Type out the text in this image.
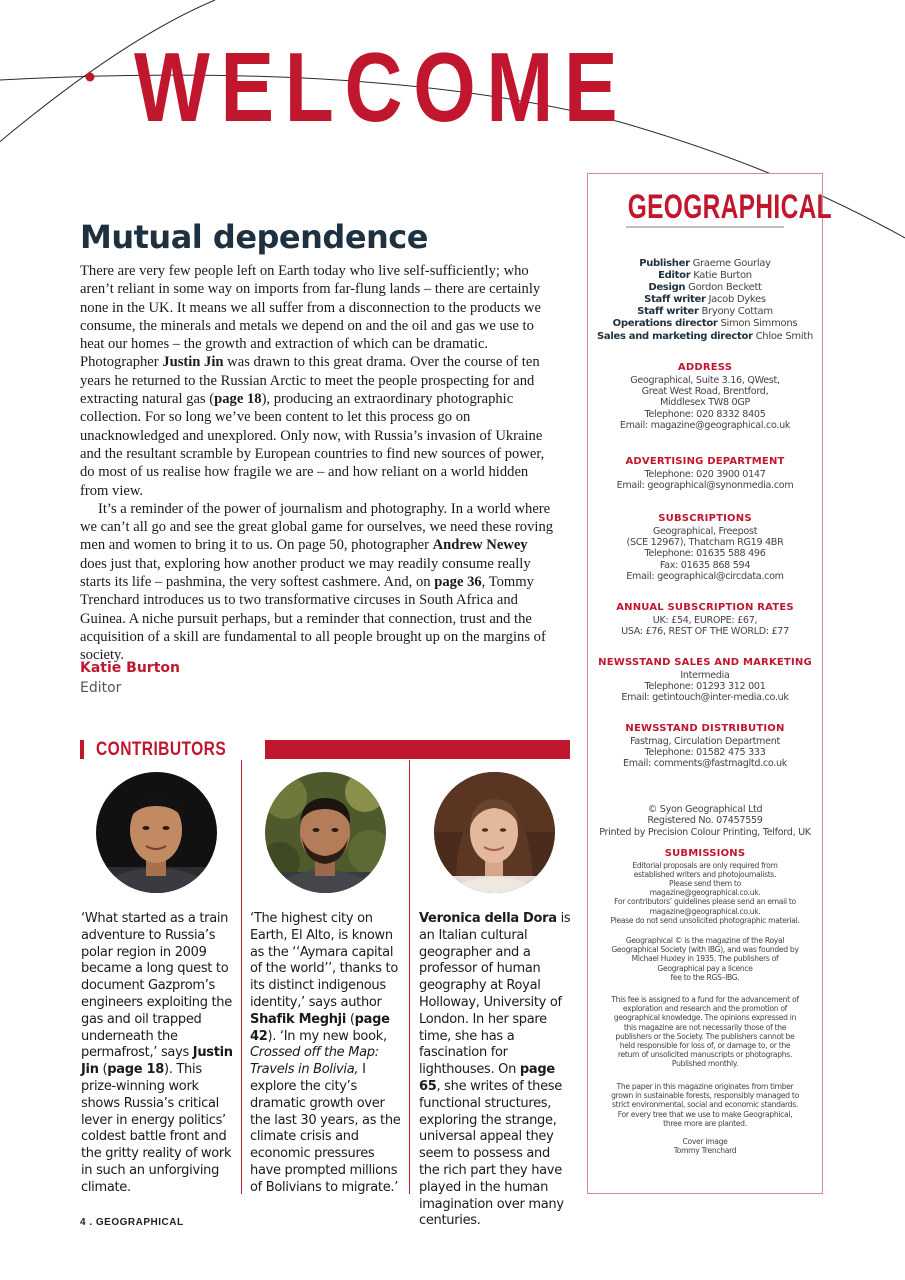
WELCOME
Mutual dependence

There are very few people left on Earth today who live self-sufficiently; who aren’t reliant in some way on imports from far-flung lands – there are certainly none in the UK. It means we all suffer from a disconnection to the products we consume, the minerals and metals we depend on and the oil and gas we use to heat our homes – the growth and extraction of which can be dramatic. Photographer Justin Jin was drawn to this great drama. Over the course of ten years he returned to the Russian Arctic to meet the people prospecting for and extracting natural gas (page 18), producing an extraordinary photographic collection. For so long we’ve been content to let this process go on unacknowledged and unexplored. Only now, with Russia’s invasion of Ukraine and the resultant scramble by European countries to find new sources of power, do most of us realise how fragile we are – and how reliant on a world hidden from view.

It’s a reminder of the power of journalism and photography. In a world where we can’t all go and see the great global game for ourselves, we need these roving men and women to bring it to us. On page 50, photographer Andrew Newey does just that, exploring how another product we may readily consume really starts its life – pashmina, the very softest cashmere. And, on page 36, Tommy Trenchard introduces us to two transformative circuses in South Africa and Guinea. A niche pursuit perhaps, but a reminder that connection, trust and the acquisition of a skill are fundamental to all people brought up on the margins of society.

Katie Burton
Editor
CONTRIBUTORS
‘What started as a train adventure to Russia’s polar region in 2009 became a long quest to document Gazprom’s engineers exploiting the gas and oil trapped underneath the permafrost,’ says Justin Jin (page 18). This prize-winning work shows Russia’s critical lever in energy politics’ coldest battle front and the gritty reality of work in such an unforgiving climate.
‘The highest city on Earth, El Alto, is known as the ‘‘Aymara capital of the world’’, thanks to its distinct indigenous identity,’ says author Shafik Meghji (page 42). ‘In my new book, Crossed off the Map: Travels in Bolivia, I explore the city’s dramatic growth over the last 30 years, as the climate crisis and economic pressures have prompted millions of Bolivians to migrate.’
Veronica della Dora is an Italian cultural geographer and a professor of human geography at Royal Holloway, University of London. In her spare time, she has a fascination for lighthouses. On page 65, she writes of these functional structures, exploring the strange, universal appeal they seem to possess and the rich part they have played in the human imagination over many centuries.
4 . GEOGRAPHICAL
GEOGRAPHICAL
Publisher Graeme Gourlay
Editor Katie Burton
Design Gordon Beckett
Staff writer Jacob Dykes
Staff writer Bryony Cottam
Operations director Simon Simmons
Sales and marketing director Chloe Smith
ADDRESS
Geographical, Suite 3.16, QWest,
Great West Road, Brentford,
Middlesex TW8 0GP
Telephone: 020 8332 8405
Email: magazine@geographical.co.uk
ADVERTISING DEPARTMENT
Telephone: 020 3900 0147
Email: geographical@synonmedia.com
SUBSCRIPTIONS
Geographical, Freepost
(SCE 12967), Thatcham RG19 4BR
Telephone: 01635 588 496
Fax: 01635 868 594
Email: geographical@circdata.com
ANNUAL SUBSCRIPTION RATES
UK: £54, EUROPE: £67,
USA: £76, REST OF THE WORLD: £77
NEWSSTAND SALES AND MARKETING
Intermedia
Telephone: 01293 312 001
Email: getintouch@inter-media.co.uk
NEWSSTAND DISTRIBUTION
Fastmag, Circulation Department
Telephone: 01582 475 333
Email: comments@fastmagltd.co.uk
© Syon Geographical Ltd
Registered No. 07457559
Printed by Precision Colour Printing, Telford, UK
SUBMISSIONS
Editorial proposals are only required from
established writers and photojournalists.
Please send them to
magazine@geographical.co.uk.
For contributors’ guidelines please send an email to
magazine@geographical.co.uk.
Please do not send unsolicited photographic material.
Geographical © is the magazine of the Royal
Geographical Society (with IBG), and was founded by
Michael Huxley in 1935. The publishers of
Geographical pay a licence
fee to the RGS–IBG.
This fee is assigned to a fund for the advancement of
exploration and research and the promotion of
geographical knowledge. The opinions expressed in
this magazine are not necessarily those of the
publishers or the Society. The publishers cannot be
held responsible for loss of, or damage to, or the
return of unsolicited manuscripts or photographs.
Published monthly.
The paper in this magazine originates from timber
grown in sustainable forests, responsibly managed to
strict environmental, social and economic standards.
For every tree that we use to make Geographical,
three more are planted.
Cover image
Tommy Trenchard
